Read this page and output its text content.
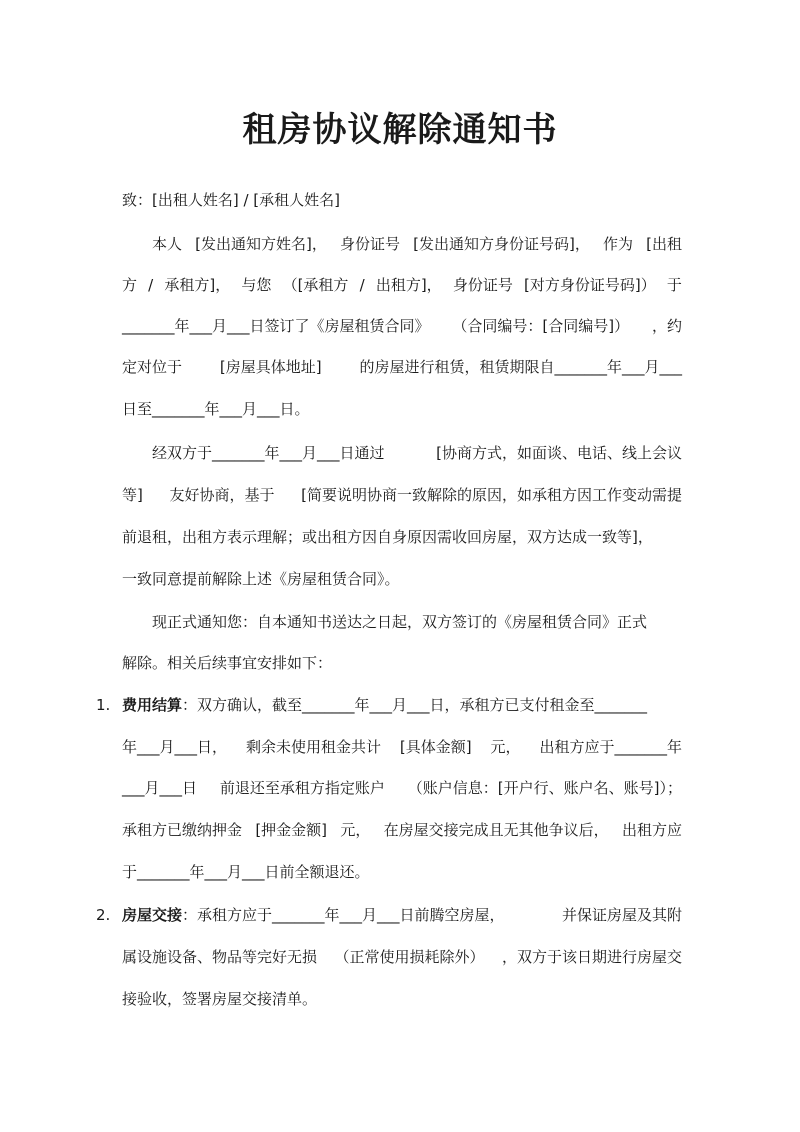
租房协议解除通知书
致：[出租人姓名] / [承租人姓名]
本人 [发出通知方姓名]， 身份证号 [发出通知方身份证号码]， 作为 [出租
方 / 承租方]， 与您 （[承租方 / 出租方]， 身份证号 [对方身份证号码]） 于
_______年___月___日签订了《房屋租赁合同》 （合同编号：[合同编号]） ，约
定对位于	[房屋具体地址]	的房屋进行租赁，租赁期限自_______年___月___
日至_______年___月___日。
经双方于_______年___月___日通过	[协商方式，如面谈、电话、线上会议
等] 友好协商，基于 [简要说明协商一致解除的原因，如承租方因工作变动需提
前退租，出租方表示理解；或出租方因自身原因需收回房屋，双方达成一致等]，
一致同意提前解除上述《房屋租赁合同》。
现正式通知您：自本通知书送达之日起，双方签订的《房屋租赁合同》正式
解除。相关后续事宜安排如下：
1. 费用结算：双方确认，截至_______年___月___日，承租方已支付租金至_______
年___月___日， 剩余未使用租金共计 [具体金额] 元， 出租方应于_______年
___月___日 前退还至承租方指定账户 （账户信息：[开户行、账户名、账号]）；
承租方已缴纳押金 [押金金额] 元， 在房屋交接完成且无其他争议后， 出租方应
于_______年___月___日前全额退还。
2. 房屋交接：承租方应于_______年___月___日前腾空房屋，	并保证房屋及其附
属设施设备、物品等完好无损 （正常使用损耗除外） ，双方于该日期进行房屋交
接验收，签署房屋交接清单。
